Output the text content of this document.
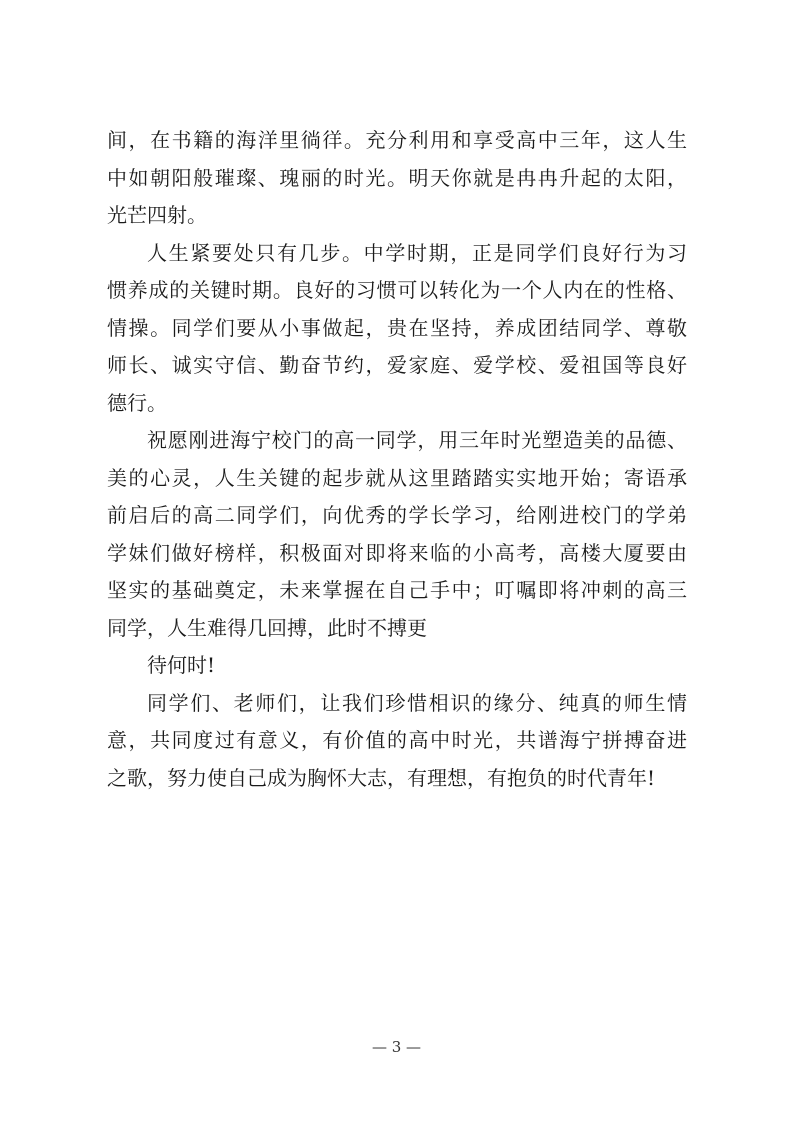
间，在书籍的海洋里徜徉。充分利用和享受高中三年，这人生
中如朝阳般璀璨、瑰丽的时光。明天你就是冉冉升起的太阳，
光芒四射。
人生紧要处只有几步。中学时期，正是同学们良好行为习
惯养成的关键时期。良好的习惯可以转化为一个人内在的性格、
情操。同学们要从小事做起，贵在坚持，养成团结同学、尊敬
师长、诚实守信、勤奋节约，爱家庭、爱学校、爱祖国等良好
德行。
祝愿刚进海宁校门的高一同学，用三年时光塑造美的品德、
美的心灵，人生关键的起步就从这里踏踏实实地开始；寄语承
前启后的高二同学们，向优秀的学长学习，给刚进校门的学弟
学妹们做好榜样，积极面对即将来临的小高考，高楼大厦要由
坚实的基础奠定，未来掌握在自己手中；叮嘱即将冲刺的高三
同学，人生难得几回搏，此时不搏更
待何时!
同学们、老师们，让我们珍惜相识的缘分、纯真的师生情
意，共同度过有意义，有价值的高中时光，共谱海宁拼搏奋进
之歌，努力使自己成为胸怀大志，有理想，有抱负的时代青年!
— 3 —
